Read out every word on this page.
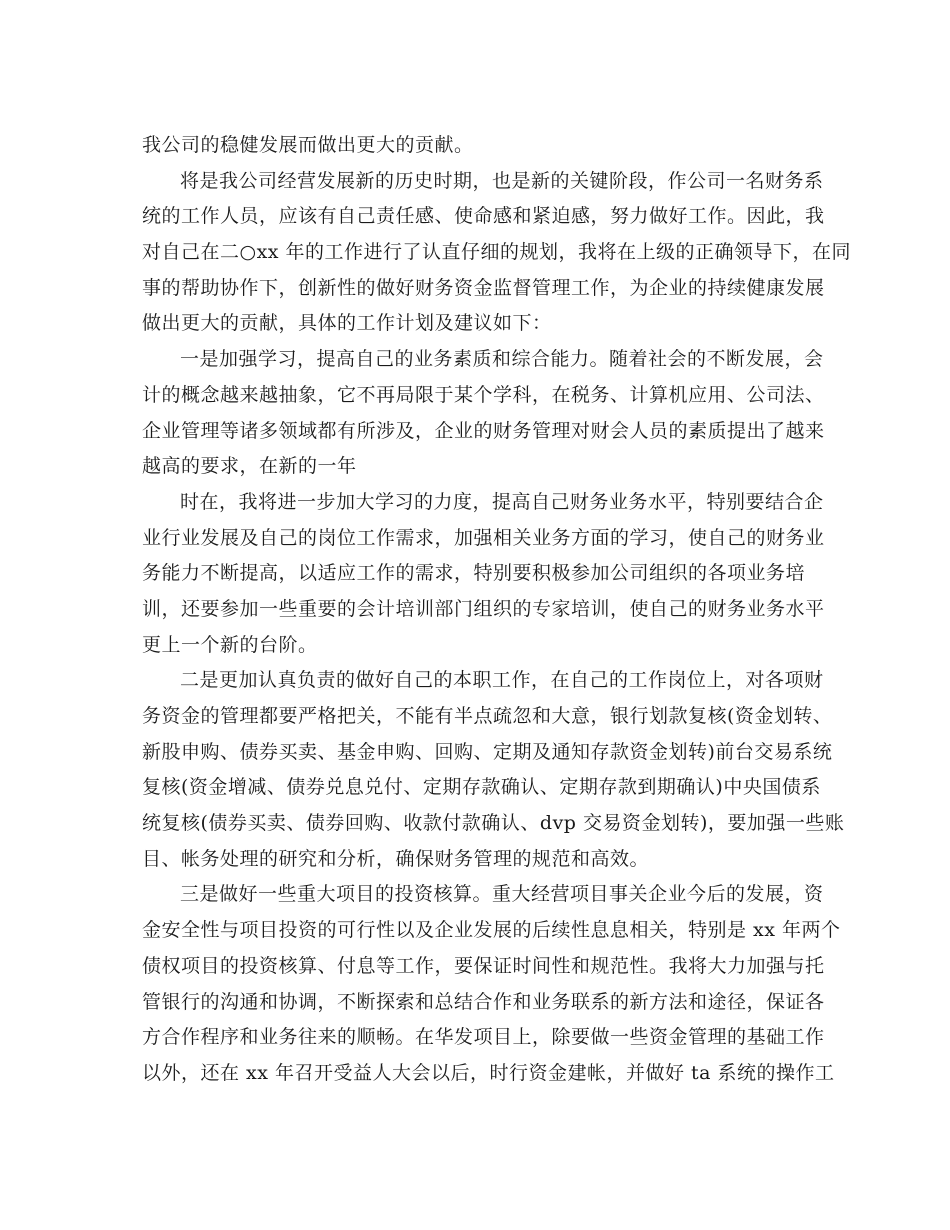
我公司的稳健发展而做出更大的贡献。
将是我公司经营发展新的历史时期，也是新的关键阶段，作公司一名财务系
统的工作人员，应该有自己责任感、使命感和紧迫感，努力做好工作。因此，我
对自己在二○xx 年的工作进行了认直仔细的规划，我将在上级的正确领导下，在同
事的帮助协作下，创新性的做好财务资金监督管理工作，为企业的持续健康发展
做出更大的贡献，具体的工作计划及建议如下：
一是加强学习，提高自己的业务素质和综合能力。随着社会的不断发展，会
计的概念越来越抽象，它不再局限于某个学科，在税务、计算机应用、公司法、
企业管理等诸多领域都有所涉及，企业的财务管理对财会人员的素质提出了越来
越高的要求，在新的一年
时在，我将进一步加大学习的力度，提高自己财务业务水平，特别要结合企
业行业发展及自己的岗位工作需求，加强相关业务方面的学习，使自己的财务业
务能力不断提高，以适应工作的需求，特别要积极参加公司组织的各项业务培
训，还要参加一些重要的会计培训部门组织的专家培训，使自己的财务业务水平
更上一个新的台阶。
二是更加认真负责的做好自己的本职工作，在自己的工作岗位上，对各项财
务资金的管理都要严格把关，不能有半点疏忽和大意，银行划款复核(资金划转、
新股申购、债券买卖、基金申购、回购、定期及通知存款资金划转)前台交易系统
复核(资金增减、债券兑息兑付、定期存款确认、定期存款到期确认)中央国债系
统复核(债券买卖、债券回购、收款付款确认、dvp 交易资金划转)，要加强一些账
目、帐务处理的研究和分析，确保财务管理的规范和高效。
三是做好一些重大项目的投资核算。重大经营项目事关企业今后的发展，资
金安全性与项目投资的可行性以及企业发展的后续性息息相关，特别是 xx 年两个
债权项目的投资核算、付息等工作，要保证时间性和规范性。我将大力加强与托
管银行的沟通和协调，不断探索和总结合作和业务联系的新方法和途径，保证各
方合作程序和业务往来的顺畅。在华发项目上，除要做一些资金管理的基础工作
以外，还在 xx 年召开受益人大会以后，时行资金建帐，并做好 ta 系统的操作工
